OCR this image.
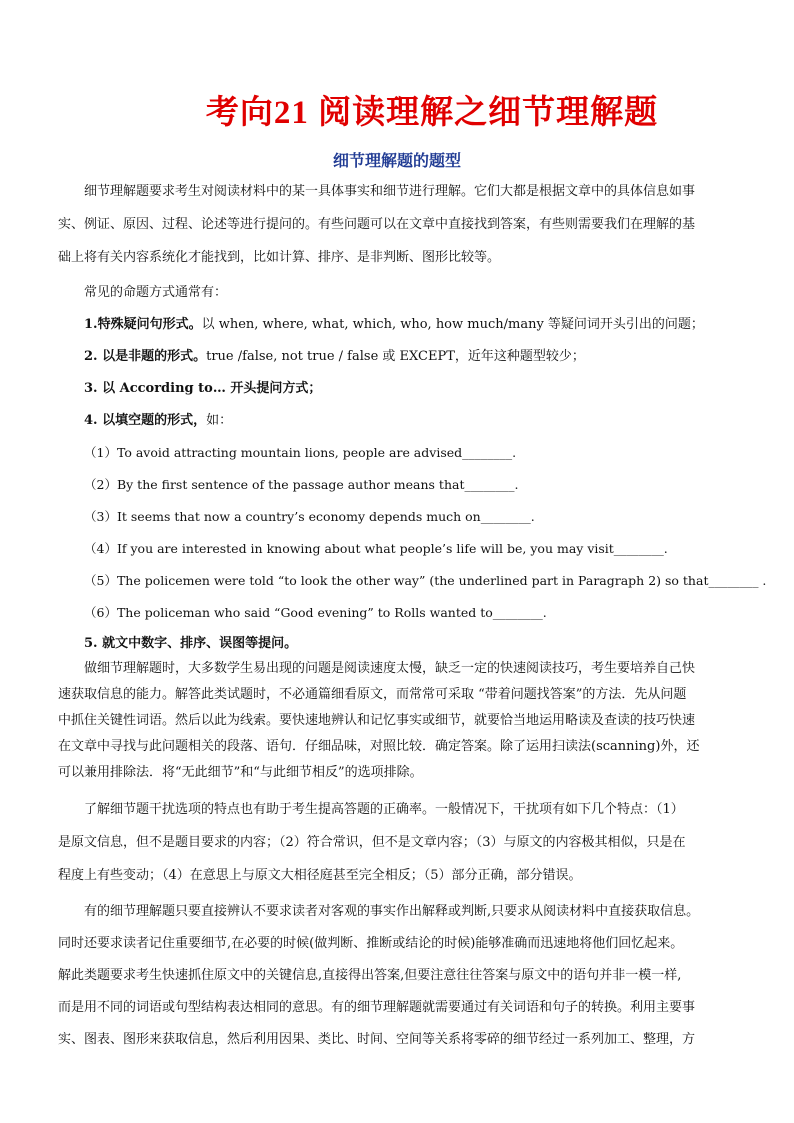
考向21 阅读理解之细节理解题
细节理解题的题型
细节理解题要求考生对阅读材料中的某一具体事实和细节进行理解。它们大都是根据文章中的具体信息如事
实、例证、原因、过程、论述等进行提问的。有些问题可以在文章中直接找到答案，有些则需要我们在理解的基
础上将有关内容系统化才能找到，比如计算、排序、是非判断、图形比较等。
常见的命题方式通常有：
1.特殊疑问句形式。以 when, where, what, which, who, how much/many 等疑问词开头引出的问题；
2. 以是非题的形式。true /false, not true / false 或 EXCEPT，近年这种题型较少；
3. 以 According to… 开头提问方式；
4. 以填空题的形式，如：
（1）To avoid attracting mountain lions, people are advised________.
（2）By the first sentence of the passage author means that________.
（3）It seems that now a country’s economy depends much on________.
（4）If you are interested in knowing about what people’s life will be, you may visit________.
（5）The policemen were told “to look the other way” (the underlined part in Paragraph 2) so that________ .
（6）The policeman who said “Good evening” to Rolls wanted to________.
5. 就文中数字、排序、误图等提问。
做细节理解题时，大多数学生易出现的问题是阅读速度太慢，缺乏一定的快速阅读技巧，考生要培养自己快
速获取信息的能力。解答此类试题时，不必通篇细看原文，而常常可采取 “带着问题找答案”的方法．先从问题
中抓住关键性词语。然后以此为线索。要快速地辨认和记忆事实或细节，就要恰当地运用略读及查读的技巧快速
在文章中寻找与此问题相关的段落、语句．仔细品味，对照比较．确定答案。除了运用扫读法(scanning)外，还
可以兼用排除法．将“无此细节”和“与此细节相反”的选项排除。
了解细节题干扰选项的特点也有助于考生提高答题的正确率。一般情况下，干扰项有如下几个特点：（1）
是原文信息，但不是题目要求的内容；（2）符合常识，但不是文章内容；（3）与原文的内容极其相似，只是在
程度上有些变动；（4）在意思上与原文大相径庭甚至完全相反；（5）部分正确，部分错误。
有的细节理解题只要直接辨认不要求读者对客观的事实作出解释或判断,只要求从阅读材料中直接获取信息。
同时还要求读者记住重要细节,在必要的时候(做判断、推断或结论的时候)能够准确而迅速地将他们回忆起来。
解此类题要求考生快速抓住原文中的关键信息,直接得出答案,但要注意往往答案与原文中的语句并非一模一样,
而是用不同的词语或句型结构表达相同的意思。有的细节理解题就需要通过有关词语和句子的转换。利用主要事
实、图表、图形来获取信息，然后利用因果、类比、时间、空间等关系将零碎的细节经过一系列加工、整理，方
